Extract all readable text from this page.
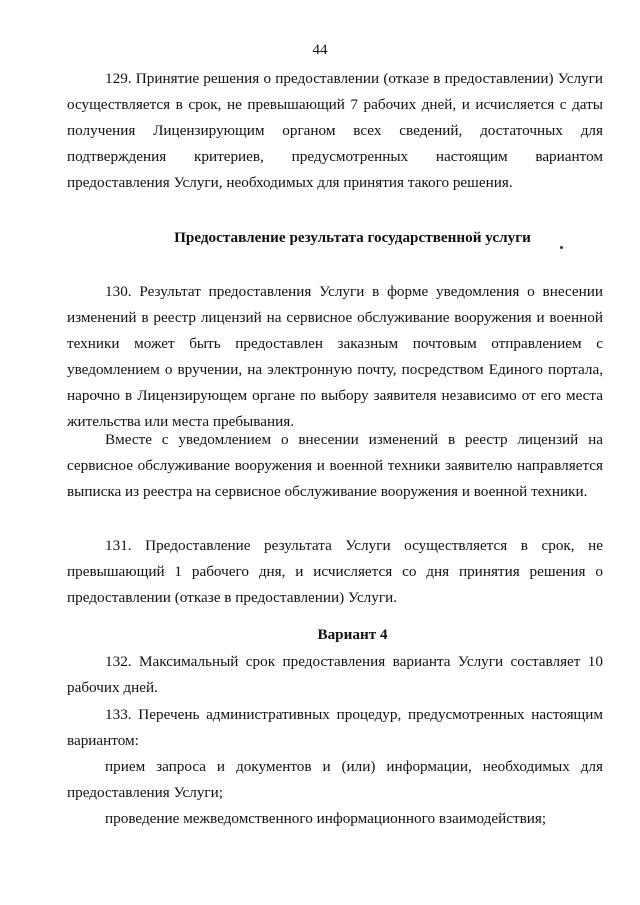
44

129. Принятие решения о предоставлении (отказе в предоставлении) Услуги осуществляется в срок, не превышающий 7 рабочих дней, и исчисляется с даты получения Лицензирующим органом всех сведений, достаточных для подтверждения критериев, предусмотренных настоящим вариантом предоставления Услуги, необходимых для принятия такого решения.

Предоставление результата государственной услуги

130. Результат предоставления Услуги в форме уведомления о внесении изменений в реестр лицензий на сервисное обслуживание вооружения и военной техники может быть предоставлен заказным почтовым отправлением с уведомлением о вручении, на электронную почту, посредством Единого портала, нарочно в Лицензирующем органе по выбору заявителя независимо от его места жительства или места пребывания.

Вместе с уведомлением о внесении изменений в реестр лицензий на сервисное обслуживание вооружения и военной техники заявителю направляется выписка из реестра на сервисное обслуживание вооружения и военной техники.

131. Предоставление результата Услуги осуществляется в срок, не превышающий 1 рабочего дня, и исчисляется со дня принятия решения о предоставлении (отказе в предоставлении) Услуги.

Вариант 4

132. Максимальный срок предоставления варианта Услуги составляет 10 рабочих дней.

133. Перечень административных процедур, предусмотренных настоящим вариантом:

прием запроса и документов и (или) информации, необходимых для предоставления Услуги;

проведение межведомственного информационного взаимодействия;
